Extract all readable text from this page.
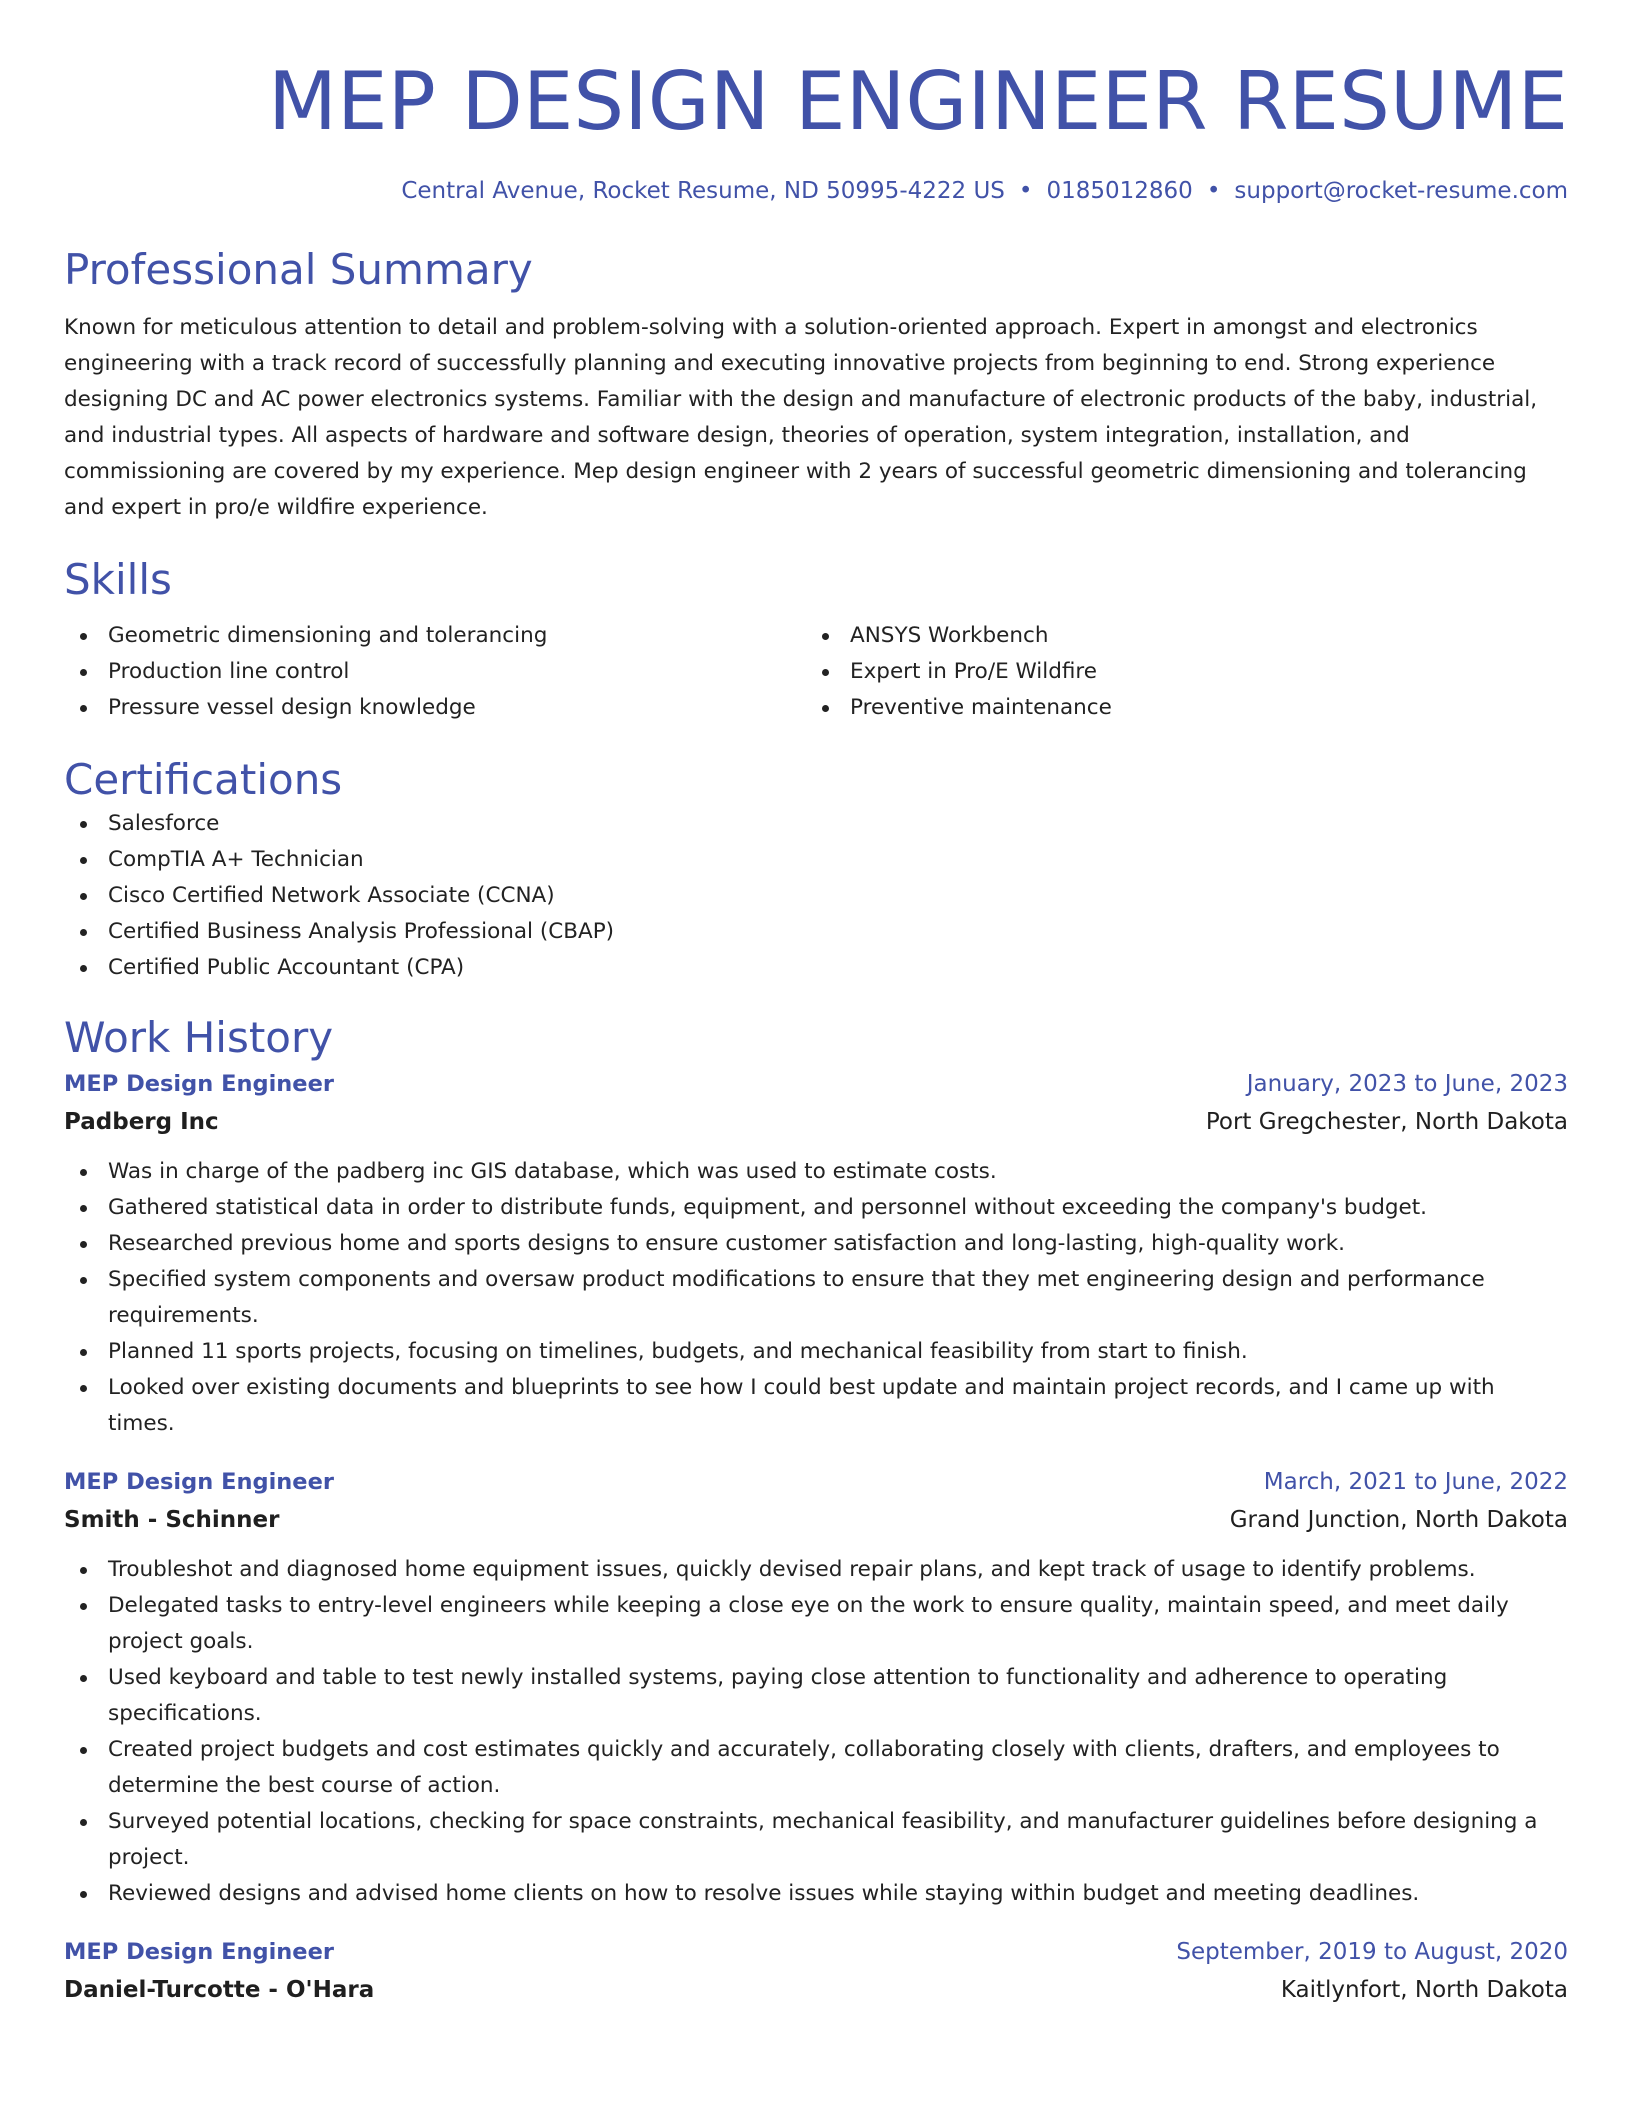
MEP DESIGN ENGINEER RESUME
Central Avenue, Rocket Resume, ND 50995-4222 US • 0185012860 • support@rocket-resume.com
Professional Summary
Known for meticulous attention to detail and problem-solving with a solution-oriented approach. Expert in amongst and electronics engineering with a track record of successfully planning and executing innovative projects from beginning to end. Strong experience designing DC and AC power electronics systems. Familiar with the design and manufacture of electronic products of the baby, industrial, and industrial types. All aspects of hardware and software design, theories of operation, system integration, installation, and commissioning are covered by my experience. Mep design engineer with 2 years of successful geometric dimensioning and tolerancing and expert in pro/e wildfire experience.
Skills
Geometric dimensioning and tolerancing
Production line control
Pressure vessel design knowledge
ANSYS Workbench
Expert in Pro/E Wildfire
Preventive maintenance
Certifications
Salesforce
CompTIA A+ Technician
Cisco Certified Network Associate (CCNA)
Certified Business Analysis Professional (CBAP)
Certified Public Accountant (CPA)
Work History
MEP Design Engineer	January, 2023 to June, 2023
Padberg Inc	Port Gregchester, North Dakota
Was in charge of the padberg inc GIS database, which was used to estimate costs.
Gathered statistical data in order to distribute funds, equipment, and personnel without exceeding the company's budget.
Researched previous home and sports designs to ensure customer satisfaction and long-lasting, high-quality work.
Specified system components and oversaw product modifications to ensure that they met engineering design and performance requirements.
Planned 11 sports projects, focusing on timelines, budgets, and mechanical feasibility from start to finish.
Looked over existing documents and blueprints to see how I could best update and maintain project records, and I came up with times.
MEP Design Engineer	March, 2021 to June, 2022
Smith - Schinner	Grand Junction, North Dakota
Troubleshot and diagnosed home equipment issues, quickly devised repair plans, and kept track of usage to identify problems.
Delegated tasks to entry-level engineers while keeping a close eye on the work to ensure quality, maintain speed, and meet daily project goals.
Used keyboard and table to test newly installed systems, paying close attention to functionality and adherence to operating specifications.
Created project budgets and cost estimates quickly and accurately, collaborating closely with clients, drafters, and employees to determine the best course of action.
Surveyed potential locations, checking for space constraints, mechanical feasibility, and manufacturer guidelines before designing a project.
Reviewed designs and advised home clients on how to resolve issues while staying within budget and meeting deadlines.
MEP Design Engineer	September, 2019 to August, 2020
Daniel-Turcotte - O'Hara	Kaitlynfort, North Dakota
